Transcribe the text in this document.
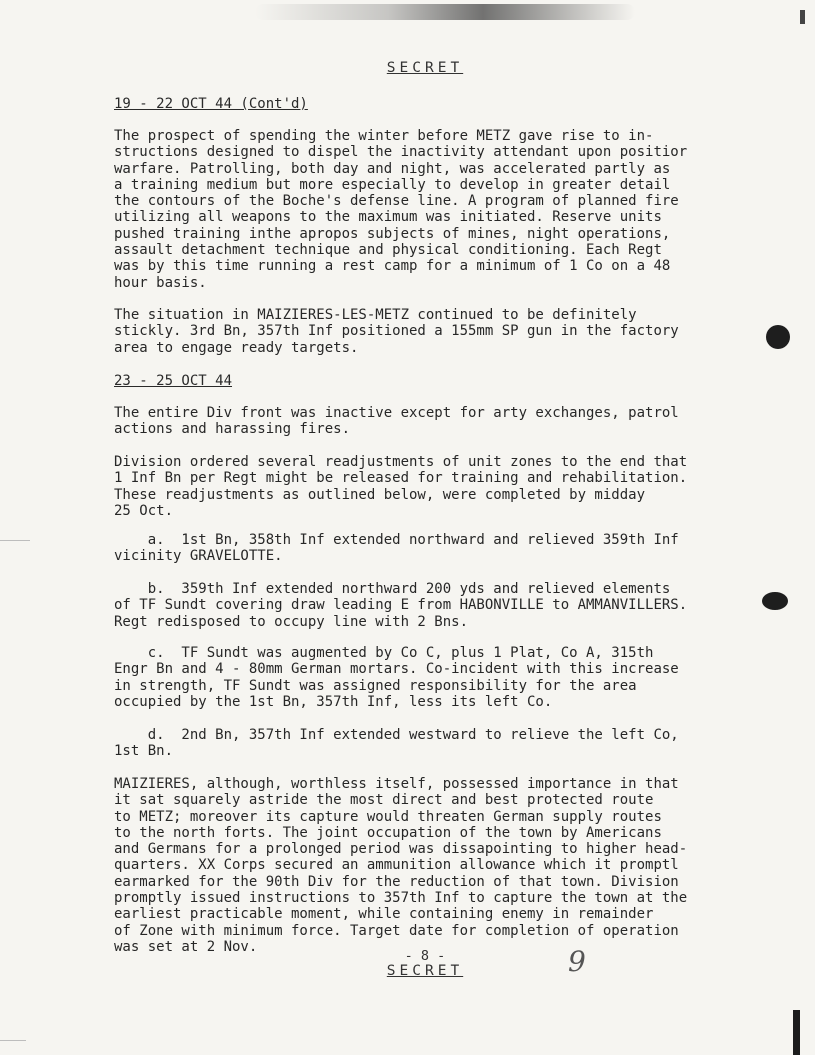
SECRET
19 - 22 OCT 44 (Cont'd)
The prospect of spending the winter before METZ gave rise to in-
structions designed to dispel the inactivity attendant upon positior
warfare. Patrolling, both day and night, was accelerated partly as
a training medium but more especially to develop in greater detail
the contours of the Boche's defense line. A program of planned fire
utilizing all weapons to the maximum was initiated. Reserve units
pushed training inthe apropos subjects of mines, night operations,
assault detachment technique and physical conditioning. Each Regt
was by this time running a rest camp for a minimum of 1 Co on a 48
hour basis.
The situation in MAIZIERES-LES-METZ continued to be definitely
stickly. 3rd Bn, 357th Inf positioned a 155mm SP gun in the factory
area to engage ready targets.
23 - 25 OCT 44
The entire Div front was inactive except for arty exchanges, patrol
actions and harassing fires.
Division ordered several readjustments of unit zones to the end that
1 Inf Bn per Regt might be released for training and rehabilitation.
These readjustments as outlined below, were completed by midday
25 Oct.
a.  1st Bn, 358th Inf extended northward and relieved 359th Inf
vicinity GRAVELOTTE.
b.  359th Inf extended northward 200 yds and relieved elements
of TF Sundt covering draw leading E from HABONVILLE to AMMANVILLERS.
Regt redisposed to occupy line with 2 Bns.
c.  TF Sundt was augmented by Co C, plus 1 Plat, Co A, 315th
Engr Bn and 4 - 80mm German mortars. Co-incident with this increase
in strength, TF Sundt was assigned responsibility for the area
occupied by the 1st Bn, 357th Inf, less its left Co.
d.  2nd Bn, 357th Inf extended westward to relieve the left Co,
1st Bn.
MAIZIERES, although, worthless itself, possessed importance in that
it sat squarely astride the most direct and best protected route
to METZ; moreover its capture would threaten German supply routes
to the north forts. The joint occupation of the town by Americans
and Germans for a prolonged period was dissapointing to higher head-
quarters. XX Corps secured an ammunition allowance which it promptl
earmarked for the 90th Div for the reduction of that town. Division
promptly issued instructions to 357th Inf to capture the town at the
earliest practicable moment, while containing enemy in remainder
of Zone with minimum force. Target date for completion of operation
was set at 2 Nov.
- 8 -	9
SECRET
